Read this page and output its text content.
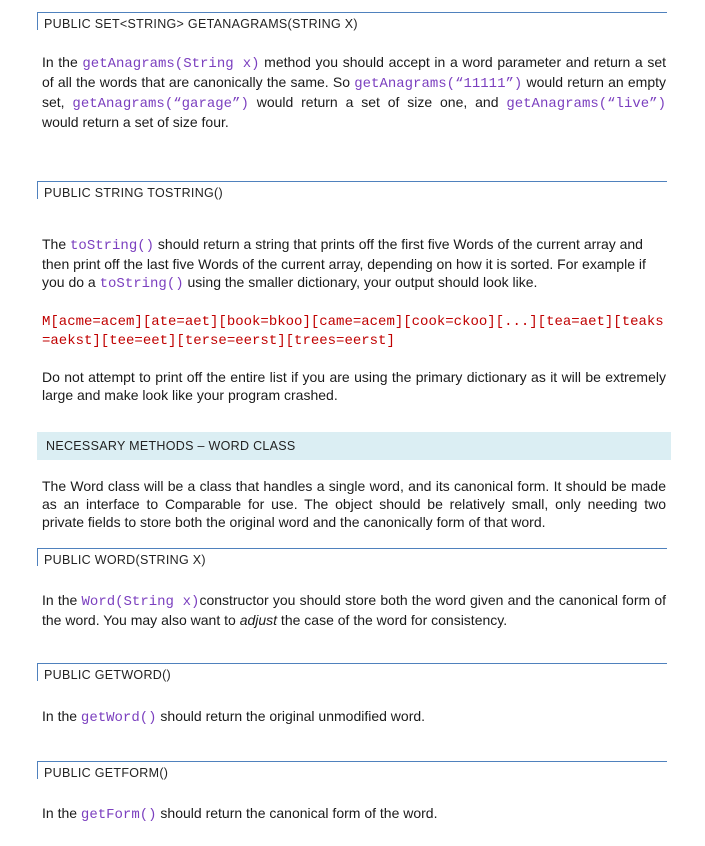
PUBLIC SET<STRING> GETANAGRAMS(STRING X)

In the getAnagrams(String x) method you should accept in a word parameter and return a set of all the words that are canonically the same. So getAnagrams(“11111”) would return an empty set, getAnagrams(“garage”) would return a set of size one, and getAnagrams(“live”) would return a set of size four.

PUBLIC STRING TOSTRING()

The toString() should return a string that prints off the first five Words of the current array and then print off the last five Words of the current array, depending on how it is sorted. For example if you do a toString() using the smaller dictionary, your output should look like.

M[acme=acem][ate=aet][book=bkoo][came=acem][cook=ckoo][...][tea=aet][teaks=aekst][tee=eet][terse=eerst][trees=eerst]

Do not attempt to print off the entire list if you are using the primary dictionary as it will be extremely large and make look like your program crashed.

NECESSARY METHODS – WORD CLASS

The Word class will be a class that handles a single word, and its canonical form. It should be made as an interface to Comparable for use. The object should be relatively small, only needing two private fields to store both the original word and the canonically form of that word.

PUBLIC WORD(STRING X)

In the Word(String x)constructor you should store both the word given and the canonical form of the word. You may also want to adjust the case of the word for consistency.

PUBLIC GETWORD()

In the getWord() should return the original unmodified word.

PUBLIC GETFORM()

In the getForm() should return the canonical form of the word.
